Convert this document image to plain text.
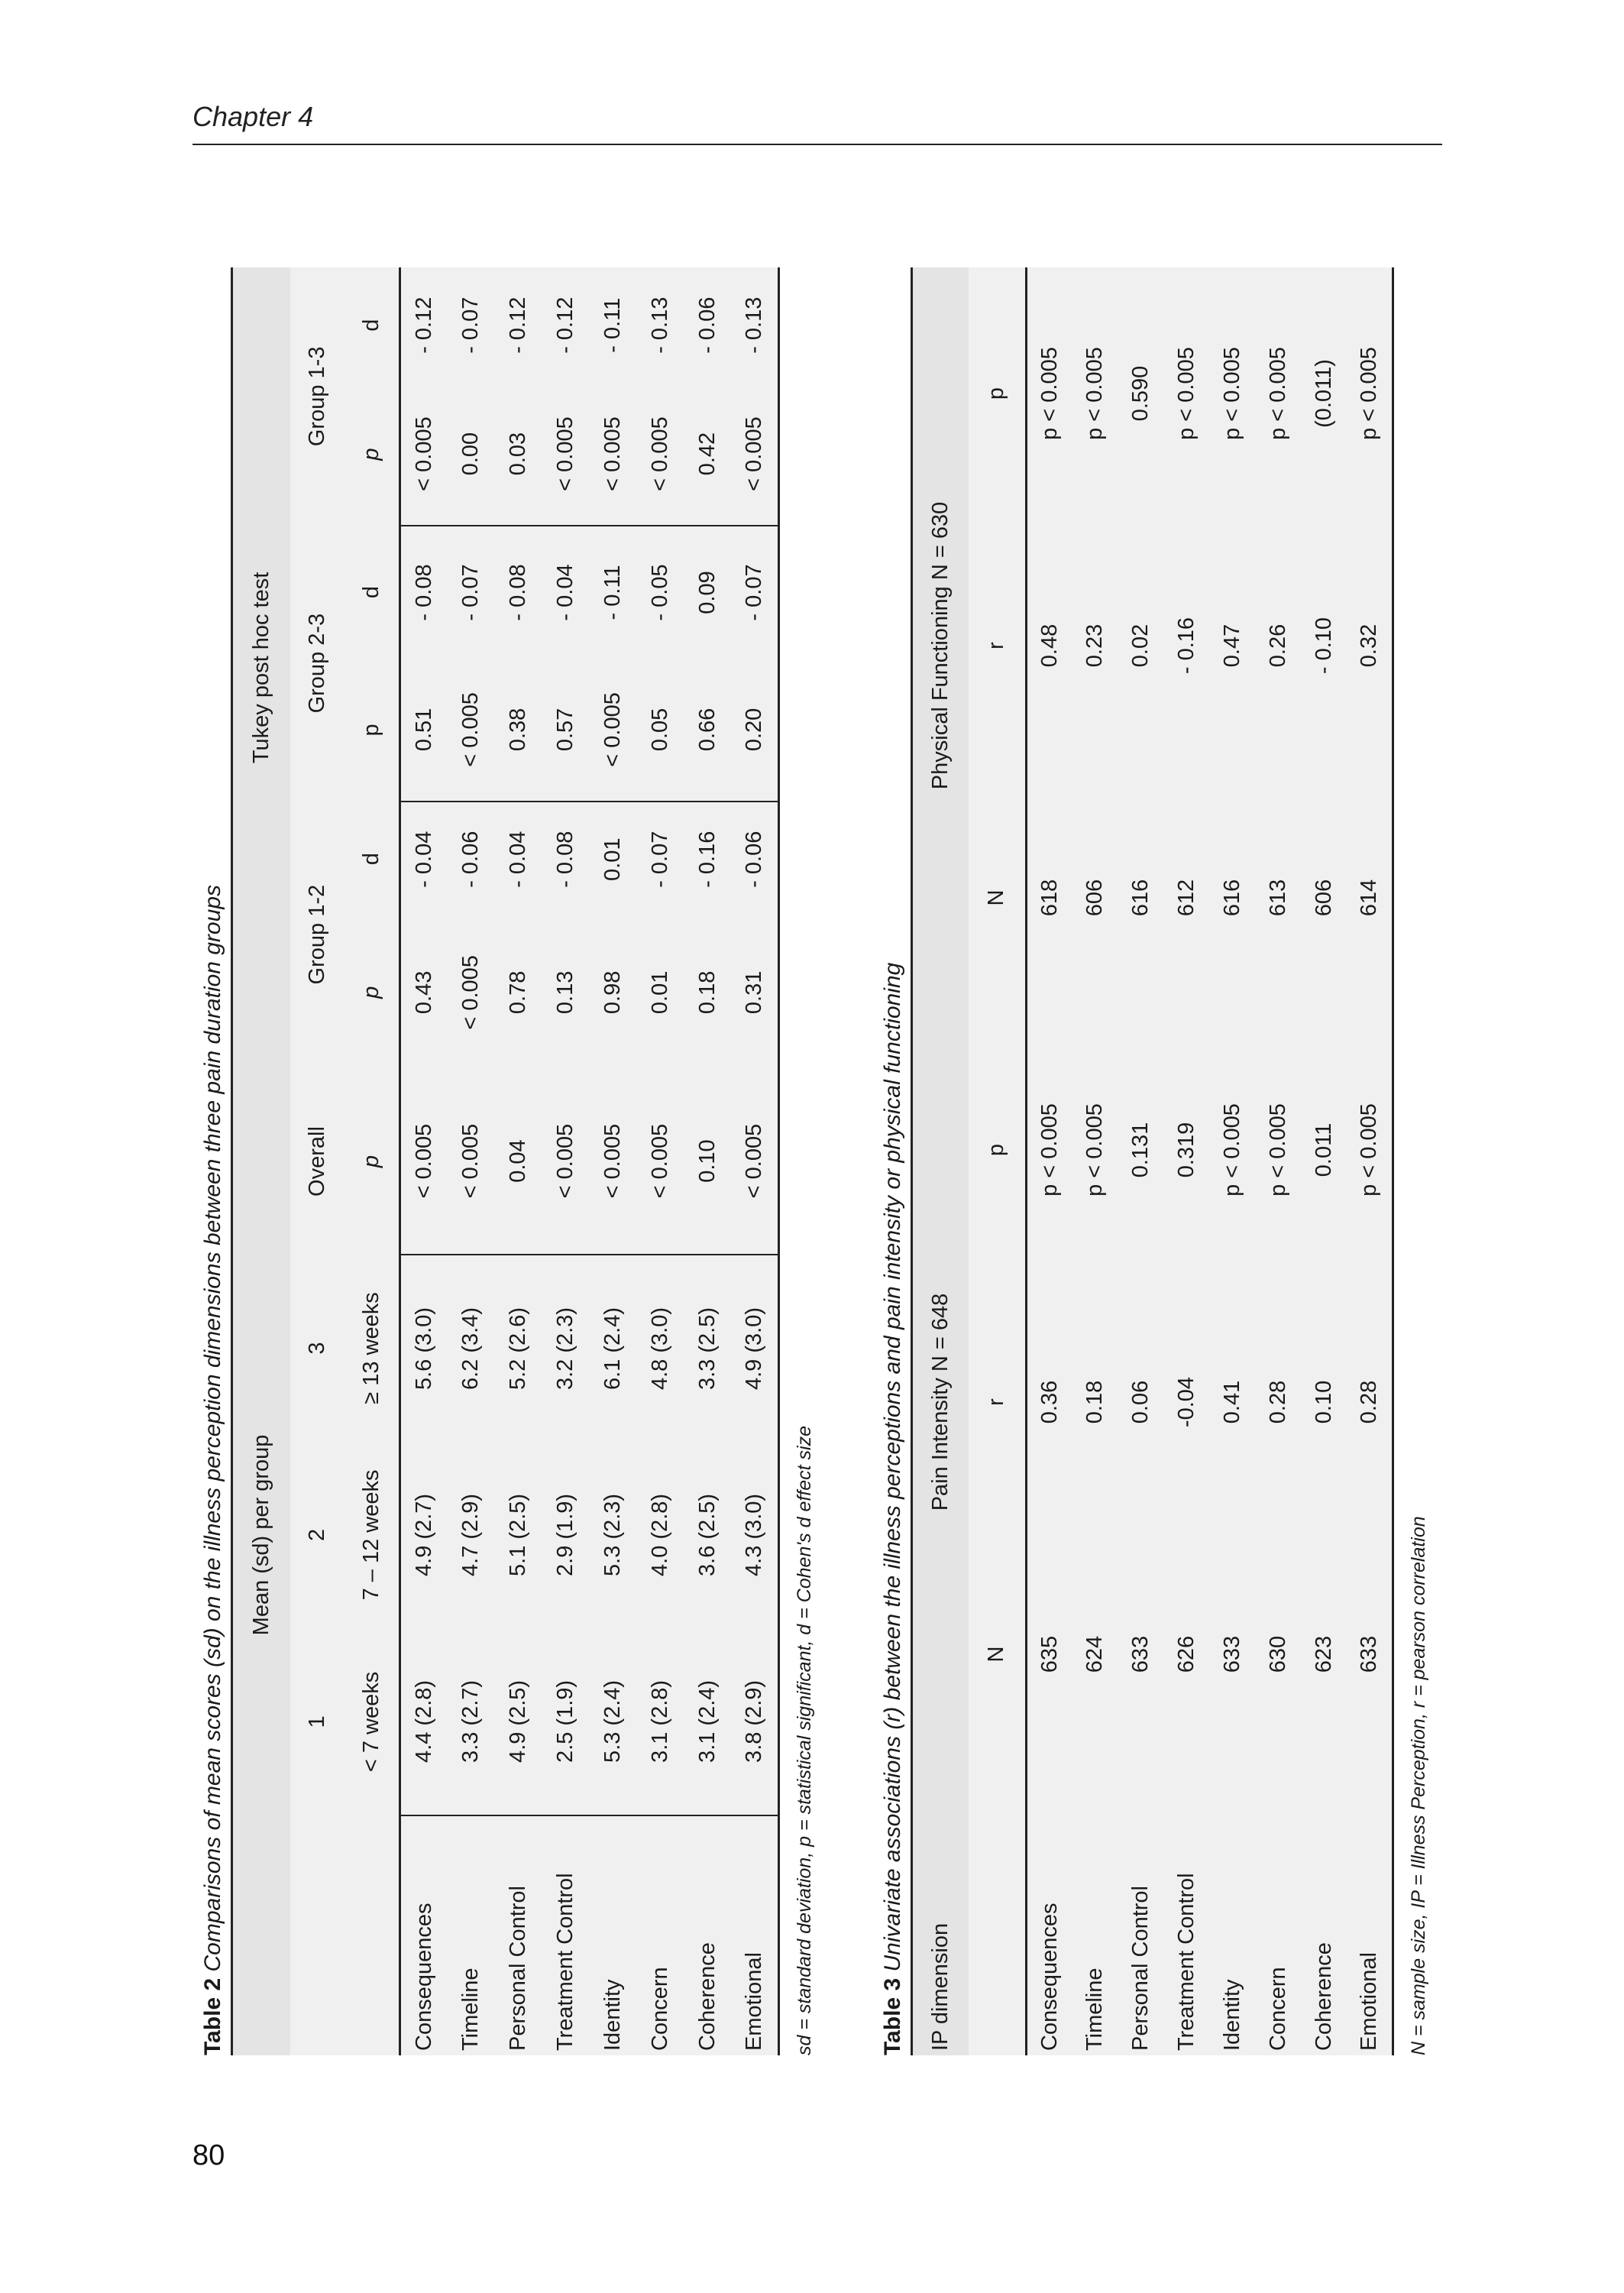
Chapter 4
80
Table 2 Comparisons of mean scores (sd) on the illness perception dimensions between three pain duration groups
	Mean (sd) per group				Tukey post hoc test					
	1	2	3	Overall	Group 1-2		Group 2-3		Group 1-3	
	< 7 weeks	7 – 12 weeks	≥ 13 weeks	p	p	d	p	d	p	d
Consequences	4.4 (2.8)	4.9 (2.7)	5.6 (3.0)	< 0.005	0.43	- 0.04	0.51	- 0.08	< 0.005	- 0.12
Timeline	3.3 (2.7)	4.7 (2.9)	6.2 (3.4)	< 0.005	< 0.005	- 0.06	< 0.005	- 0.07	0.00	- 0.07
Personal Control	4.9 (2.5)	5.1 (2.5)	5.2 (2.6)	0.04	0.78	- 0.04	0.38	- 0.08	0.03	- 0.12
Treatment Control	2.5 (1.9)	2.9 (1.9)	3.2 (2.3)	< 0.005	0.13	- 0.08	0.57	- 0.04	< 0.005	- 0.12
Identity	5.3 (2.4)	5.3 (2.3)	6.1 (2.4)	< 0.005	0.98	0.01	< 0.005	- 0.11	< 0.005	- 0.11
Concern	3.1 (2.8)	4.0 (2.8)	4.8 (3.0)	< 0.005	0.01	- 0.07	0.05	- 0.05	< 0.005	- 0.13
Coherence	3.1 (2.4)	3.6 (2.5)	3.3 (2.5)	0.10	0.18	- 0.16	0.66	0.09	0.42	- 0.06
Emotional	3.8 (2.9)	4.3 (3.0)	4.9 (3.0)	< 0.005	0.31	- 0.06	0.20	- 0.07	< 0.005	- 0.13
sd = standard deviation, p = statistical significant, d = Cohen's d effect size	Table 3 Univariate associations (r) between the illness perceptions and pain intensity or physical functioning
IP dimension	Pain Intensity N = 648			Physical Functioning N = 630		
	N	r	p	N	r	p
Consequences	635	0.36	p < 0.005	618	0.48	p < 0.005
Timeline	624	0.18	p < 0.005	606	0.23	p < 0.005
Personal Control	633	0.06	0.131	616	0.02	0.590
Treatment Control	626	-0.04	0.319	612	- 0.16	p < 0.005
Identity	633	0.41	p < 0.005	616	0.47	p < 0.005
Concern	630	0.28	p < 0.005	613	0.26	p < 0.005
Coherence	623	0.10	0.011	606	- 0.10	(0.011)
Emotional	633	0.28	p < 0.005	614	0.32	p < 0.005
N = sample size, IP = Illness Perception, r = pearson correlation
